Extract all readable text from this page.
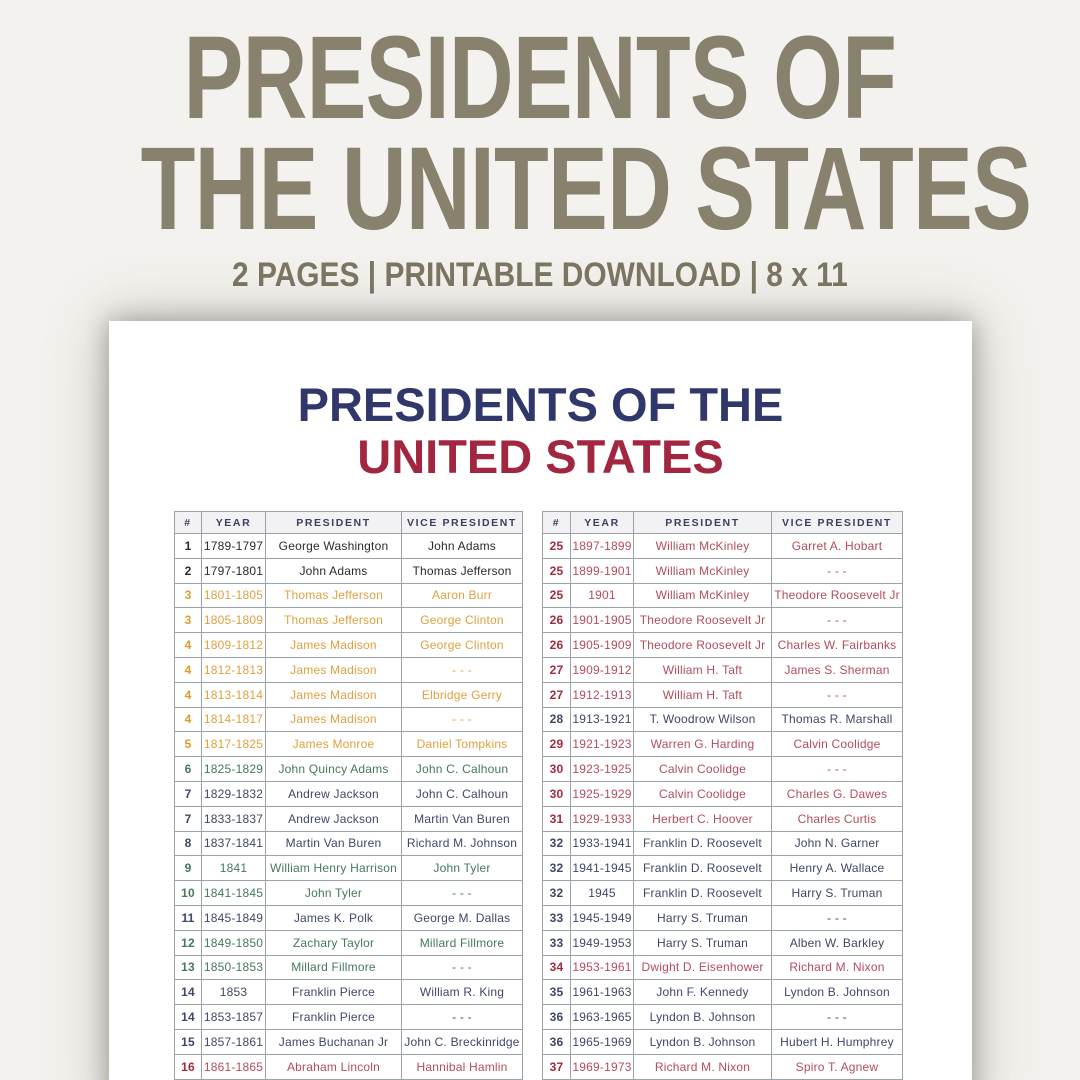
PRESIDENTS OF
THE UNITED STATES
2 PAGES | PRINTABLE DOWNLOAD | 8 x 11
PRESIDENTS OF THE
UNITED STATES
#	YEAR	PRESIDENT	VICE PRESIDENT
1	1789-1797	George Washington	John Adams
2	1797-1801	John Adams	Thomas Jefferson
3	1801-1805	Thomas Jefferson	Aaron Burr
3	1805-1809	Thomas Jefferson	George Clinton
4	1809-1812	James Madison	George Clinton
4	1812-1813	James Madison	- - -
4	1813-1814	James Madison	Elbridge Gerry
4	1814-1817	James Madison	- - -
5	1817-1825	James Monroe	Daniel Tompkins
6	1825-1829	John Quincy Adams	John C. Calhoun
7	1829-1832	Andrew Jackson	John C. Calhoun
7	1833-1837	Andrew Jackson	Martin Van Buren
8	1837-1841	Martin Van Buren	Richard M. Johnson
9	1841	William Henry Harrison	John Tyler
10	1841-1845	John Tyler	- - -
11	1845-1849	James K. Polk	George M. Dallas
12	1849-1850	Zachary Taylor	Millard Fillmore
13	1850-1853	Millard Fillmore	- - -
14	1853	Franklin Pierce	William R. King
14	1853-1857	Franklin Pierce	- - -
15	1857-1861	James Buchanan Jr	John C. Breckinridge
16	1861-1865	Abraham Lincoln	Hannibal Hamlin
#	YEAR	PRESIDENT	VICE PRESIDENT
25	1897-1899	William McKinley	Garret A. Hobart
25	1899-1901	William McKinley	- - -
25	1901	William McKinley	Theodore Roosevelt Jr
26	1901-1905	Theodore Roosevelt Jr	- - -
26	1905-1909	Theodore Roosevelt Jr	Charles W. Fairbanks
27	1909-1912	William H. Taft	James S. Sherman
27	1912-1913	William H. Taft	- - -
28	1913-1921	T. Woodrow Wilson	Thomas R. Marshall
29	1921-1923	Warren G. Harding	Calvin Coolidge
30	1923-1925	Calvin Coolidge	- - -
30	1925-1929	Calvin Coolidge	Charles G. Dawes
31	1929-1933	Herbert C. Hoover	Charles Curtis
32	1933-1941	Franklin D. Roosevelt	John N. Garner
32	1941-1945	Franklin D. Roosevelt	Henry A. Wallace
32	1945	Franklin D. Roosevelt	Harry S. Truman
33	1945-1949	Harry S. Truman	- - -
33	1949-1953	Harry S. Truman	Alben W. Barkley
34	1953-1961	Dwight D. Eisenhower	Richard M. Nixon
35	1961-1963	John F. Kennedy	Lyndon B. Johnson
36	1963-1965	Lyndon B. Johnson	- - -
36	1965-1969	Lyndon B. Johnson	Hubert H. Humphrey
37	1969-1973	Richard M. Nixon	Spiro T. Agnew
